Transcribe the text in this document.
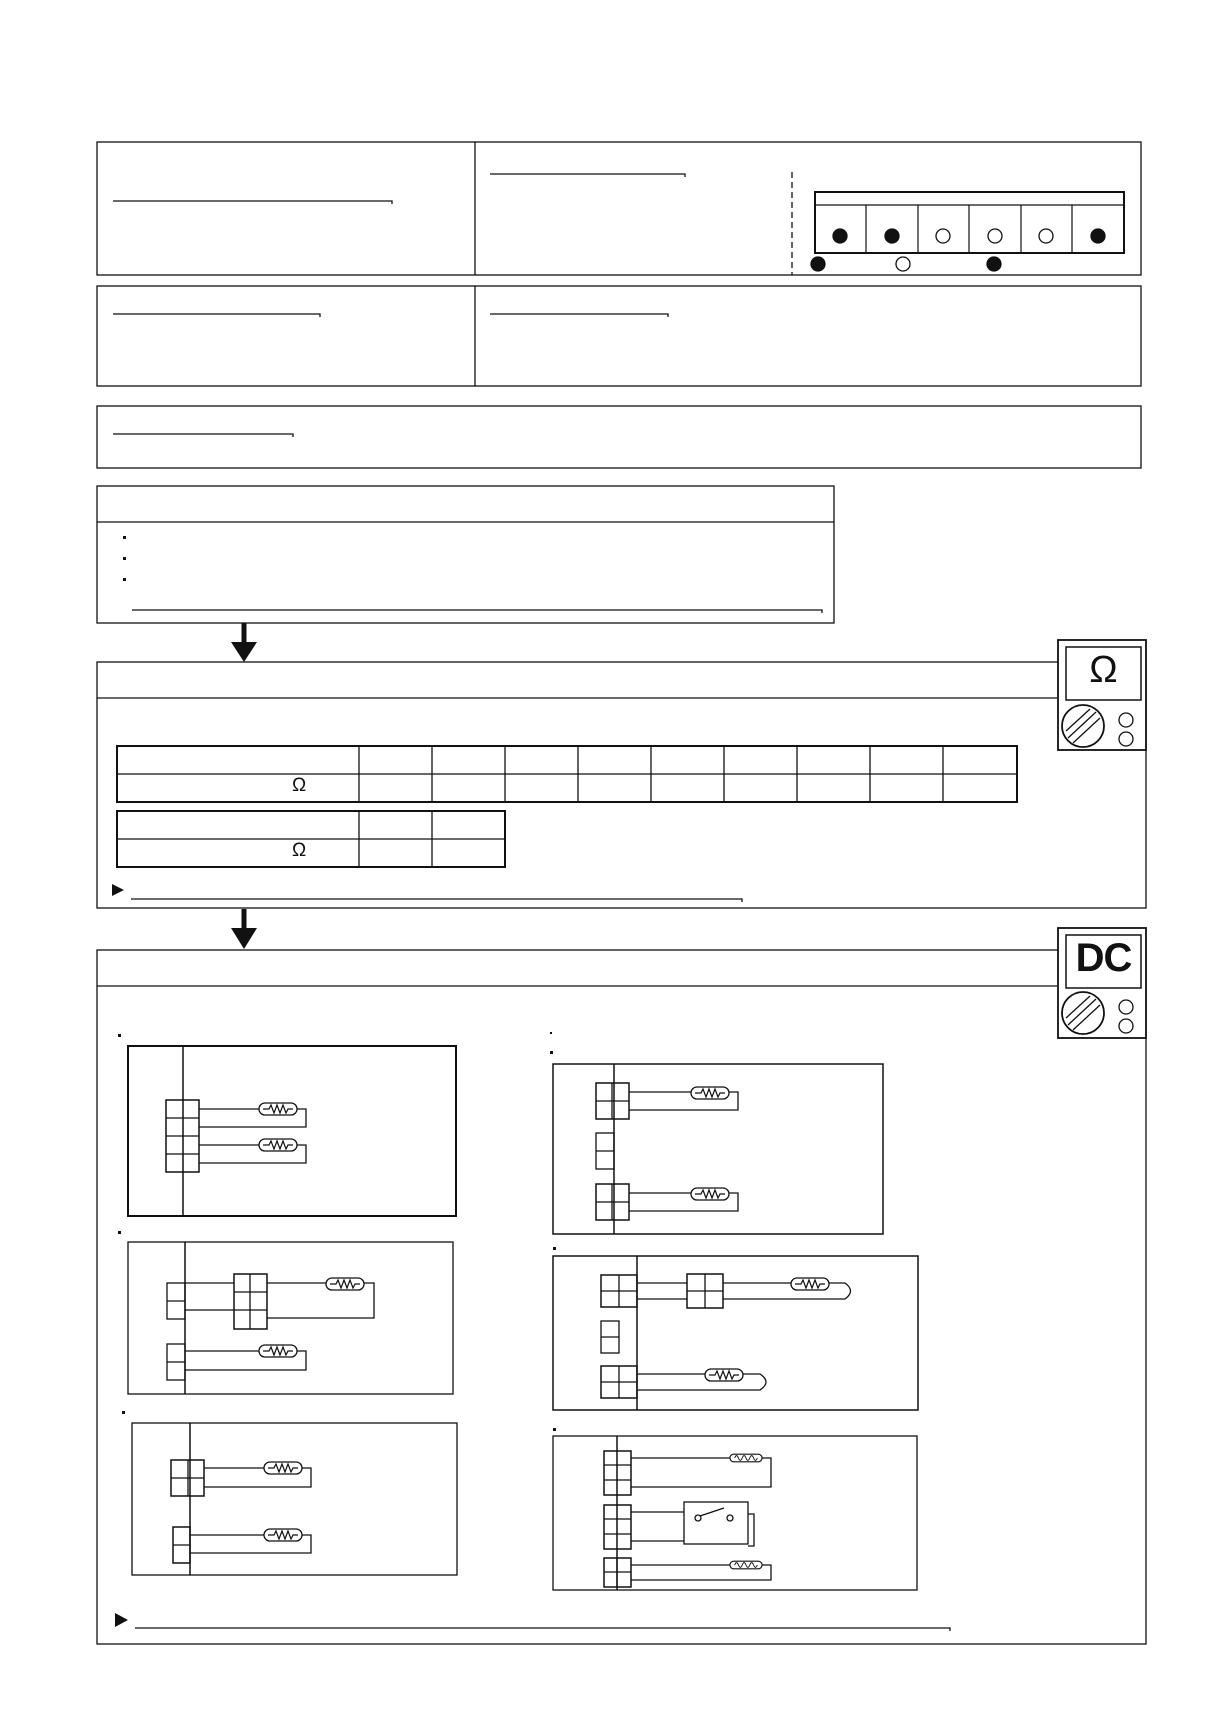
Ω
Ω
Ω
DC
